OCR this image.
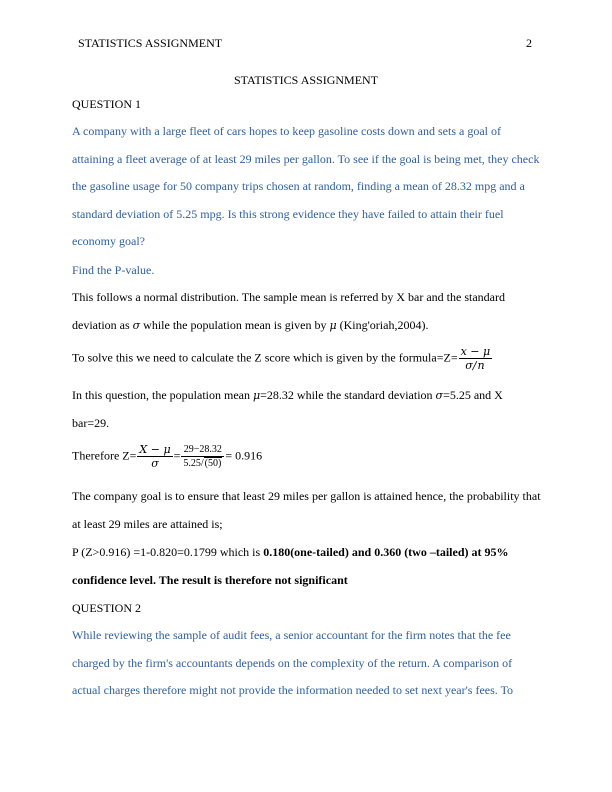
STATISTICS ASSIGNMENT	2
STATISTICS ASSIGNMENT
QUESTION 1

A company with a large fleet of cars hopes to keep gasoline costs down and sets a goal of attaining a fleet average of at least 29 miles per gallon. To see if the goal is being met, they check the gasoline usage for 50 company trips chosen at random, finding a mean of 28.32 mpg and a standard deviation of 5.25 mpg. Is this strong evidence they have failed to attain their fuel economy goal?

Find the P-value.

This follows a normal distribution. The sample mean is referred by X bar and the standard deviation as σ while the population mean is given by μ (King'oriah,2004).

To solve this we need to calculate the Z score which is given by the formula=Z= $\frac{x - \mu}{\sigma/n}$

In this question, the population mean μ=28.32 while the standard deviation σ=5.25 and X bar=29.

Therefore $Z= \frac{X - \mu}{\sigma} = \frac{29-28.32}{5.25/(50)} = 0.916$

The company goal is to ensure that least 29 miles per gallon is attained hence, the probability that at least 29 miles are attained is;

P (Z>0.916) =1-0.820=0.1799 which is 0.180(one-tailed) and 0.360 (two –tailed) at 95% confidence level. The result is therefore not significant

QUESTION 2

While reviewing the sample of audit fees, a senior accountant for the firm notes that the fee charged by the firm's accountants depends on the complexity of the return. A comparison of actual charges therefore might not provide the information needed to set next year's fees. To
